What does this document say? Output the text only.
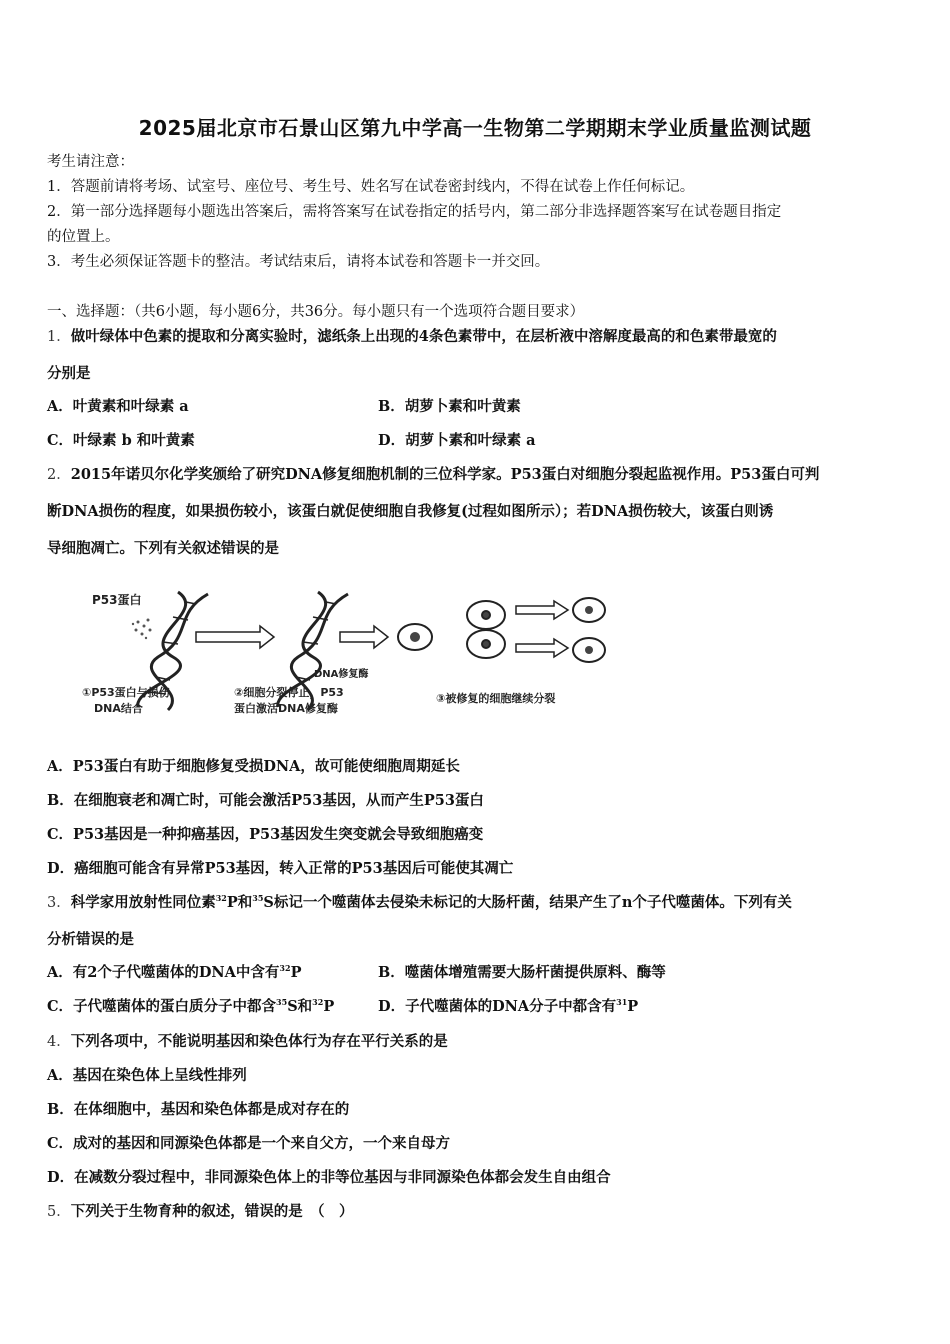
2025届北京市石景山区第九中学高一生物第二学期期末学业质量监测试题
考生请注意：
1．答题前请将考场、试室号、座位号、考生号、姓名写在试卷密封线内，不得在试卷上作任何标记。
2．第一部分选择题每小题选出答案后，需将答案写在试卷指定的括号内，第二部分非选择题答案写在试卷题目指定
的位置上。
3．考生必须保证答题卡的整洁。考试结束后，请将本试卷和答题卡一并交回。
一、选择题：（共6小题，每小题6分，共36分。每小题只有一个选项符合题目要求）
1．做叶绿体中色素的提取和分离实验时，滤纸条上出现的4条色素带中，在层析液中溶解度最高的和色素带最宽的
分别是
A．叶黄素和叶绿素 a	B．胡萝卜素和叶黄素
C．叶绿素 b 和叶黄素	D．胡萝卜素和叶绿素 a
2．2015年诺贝尔化学奖颁给了研究DNA修复细胞机制的三位科学家。P53蛋白对细胞分裂起监视作用。P53蛋白可判
断DNA损伤的程度，如果损伤较小，该蛋白就促使细胞自我修复(过程如图所示）；若DNA损伤较大，该蛋白则诱
导细胞凋亡。下列有关叙述错误的是
P53蛋白
DNA修复酶
①P53蛋白与损伤
DNA结合
②细胞分裂停止，P53
蛋白激活DNA修复酶
③被修复的细胞继续分裂
A．P53蛋白有助于细胞修复受损DNA，故可能使细胞周期延长
B．在细胞衰老和凋亡时，可能会激活P53基因，从而产生P53蛋白
C．P53基因是一种抑癌基因，P53基因发生突变就会导致细胞癌变
D．癌细胞可能含有异常P53基因，转入正常的P53基因后可能使其凋亡
3．科学家用放射性同位素$^{32}$P和$^{35}$S标记一个噬菌体去侵染未标记的大肠杆菌，结果产生了n个子代噬菌体。下列有关
分析错误的是
A．有2个子代噬菌体的DNA中含有$^{32}$P	B．噬菌体增殖需要大肠杆菌提供原料、酶等
C．子代噬菌体的蛋白质分子中都含$^{35}$S和$^{32}$P	D．子代噬菌体的DNA分子中都含有$^{31}$P
4．下列各项中，不能说明基因和染色体行为存在平行关系的是
A．基因在染色体上呈线性排列
B．在体细胞中，基因和染色体都是成对存在的
C．成对的基因和同源染色体都是一个来自父方，一个来自母方
D．在减数分裂过程中，非同源染色体上的非等位基因与非同源染色体都会发生自由组合
5．下列关于生物育种的叙述，错误的是　（　）
